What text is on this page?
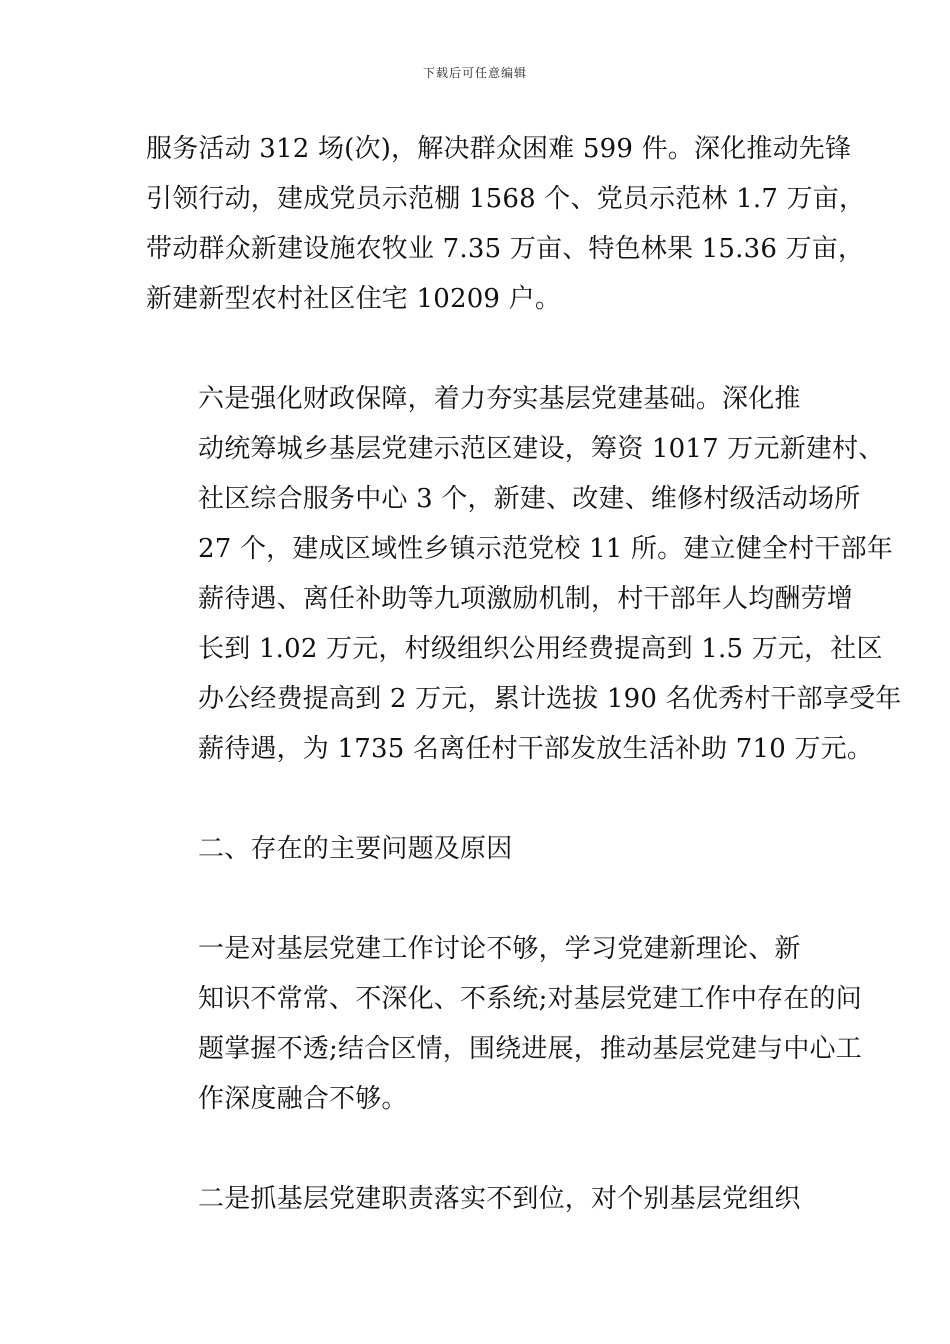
下载后可任意编辑
服务活动 312 场(次)，解决群众困难 599 件。深化推动先锋
引领行动，建成党员示范棚 1568 个、党员示范林 1.7 万亩，
带动群众新建设施农牧业 7.35 万亩、特色林果 15.36 万亩，
新建新型农村社区住宅 10209 户。
六是强化财政保障，着力夯实基层党建基础。深化推
动统筹城乡基层党建示范区建设，筹资 1017 万元新建村、
社区综合服务中心 3 个，新建、改建、维修村级活动场所
27 个，建成区域性乡镇示范党校 11 所。建立健全村干部年
薪待遇、离任补助等九项激励机制，村干部年人均酬劳增
长到 1.02 万元，村级组织公用经费提高到 1.5 万元，社区
办公经费提高到 2 万元，累计选拔 190 名优秀村干部享受年
薪待遇，为 1735 名离任村干部发放生活补助 710 万元。
二、存在的主要问题及原因
一是对基层党建工作讨论不够，学习党建新理论、新
知识不常常、不深化、不系统;对基层党建工作中存在的问
题掌握不透;结合区情，围绕进展，推动基层党建与中心工
作深度融合不够。
二是抓基层党建职责落实不到位，对个别基层党组织
